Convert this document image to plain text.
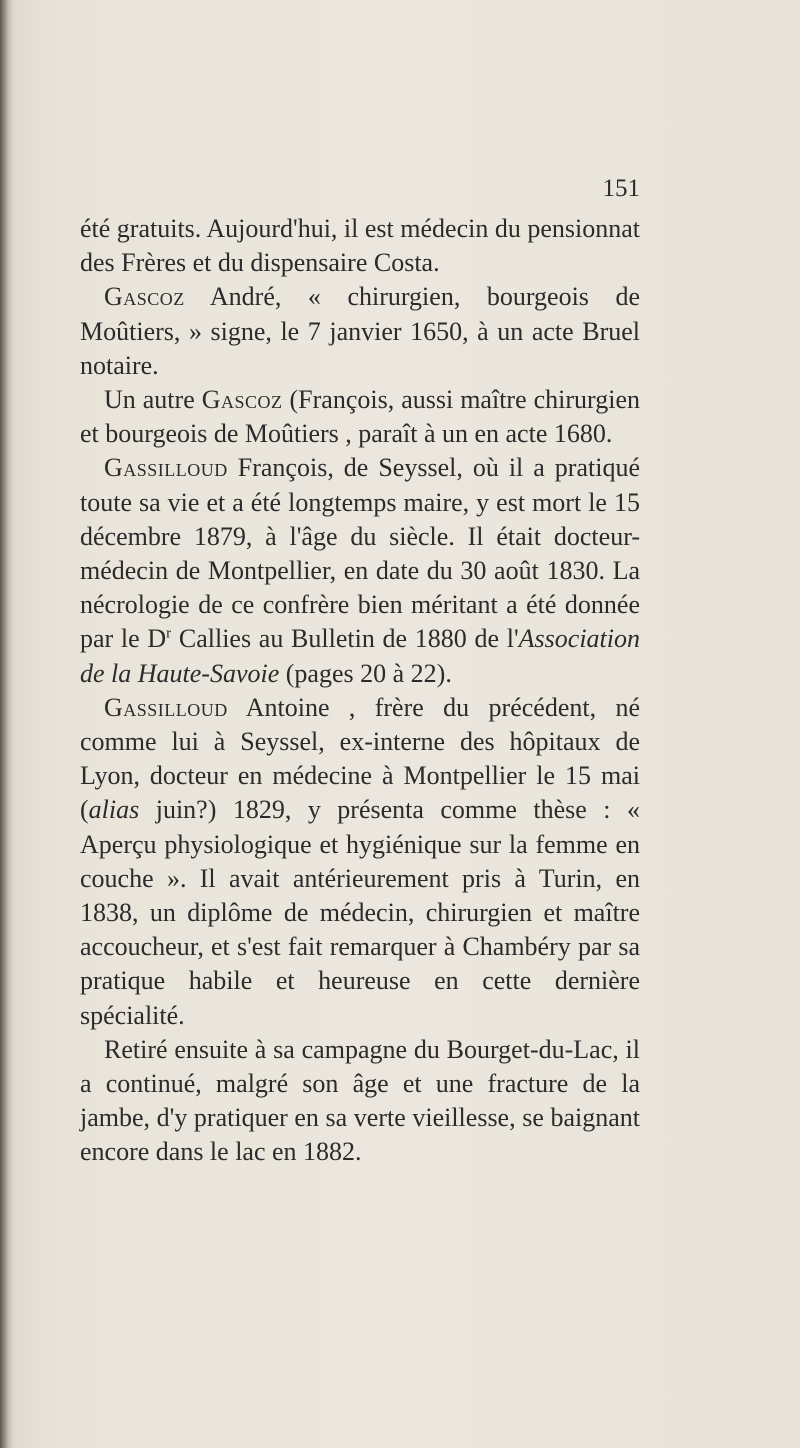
151

été gratuits. Aujourd'hui, il est médecin du pensionnat des Frères et du dispensaire Costa.

Gascoz André, « chirurgien, bourgeois de Moûtiers, » signe, le 7 janvier 1650, à un acte Bruel notaire.

Un autre Gascoz (François, aussi maître chirurgien et bourgeois de Moûtiers , paraît à un en acte 1680.

Gassilloud François, de Seyssel, où il a pratiqué toute sa vie et a été longtemps maire, y est mort le 15 décembre 1879, à l'âge du siècle. Il était docteur-médecin de Montpellier, en date du 30 août 1830. La nécrologie de ce confrère bien méritant a été donnée par le $D^r$ Callies au Bulletin de 1880 de l'Association de la Haute-Savoie (pages 20 à 22).

Gassilloud Antoine , frère du précédent, né comme lui à Seyssel, ex-interne des hôpitaux de Lyon, docteur en médecine à Montpellier le 15 mai (alias juin?) 1829, y présenta comme thèse : « Aperçu physiologique et hygiénique sur la femme en couche ». Il avait antérieurement pris à Turin, en 1838, un diplôme de médecin, chirurgien et maître accoucheur, et s'est fait remarquer à Chambéry par sa pratique habile et heureuse en cette dernière spécialité.

Retiré ensuite à sa campagne du Bourget-du-Lac, il a continué, malgré son âge et une fracture de la jambe, d'y pratiquer en sa verte vieillesse, se baignant encore dans le lac en 1882.
